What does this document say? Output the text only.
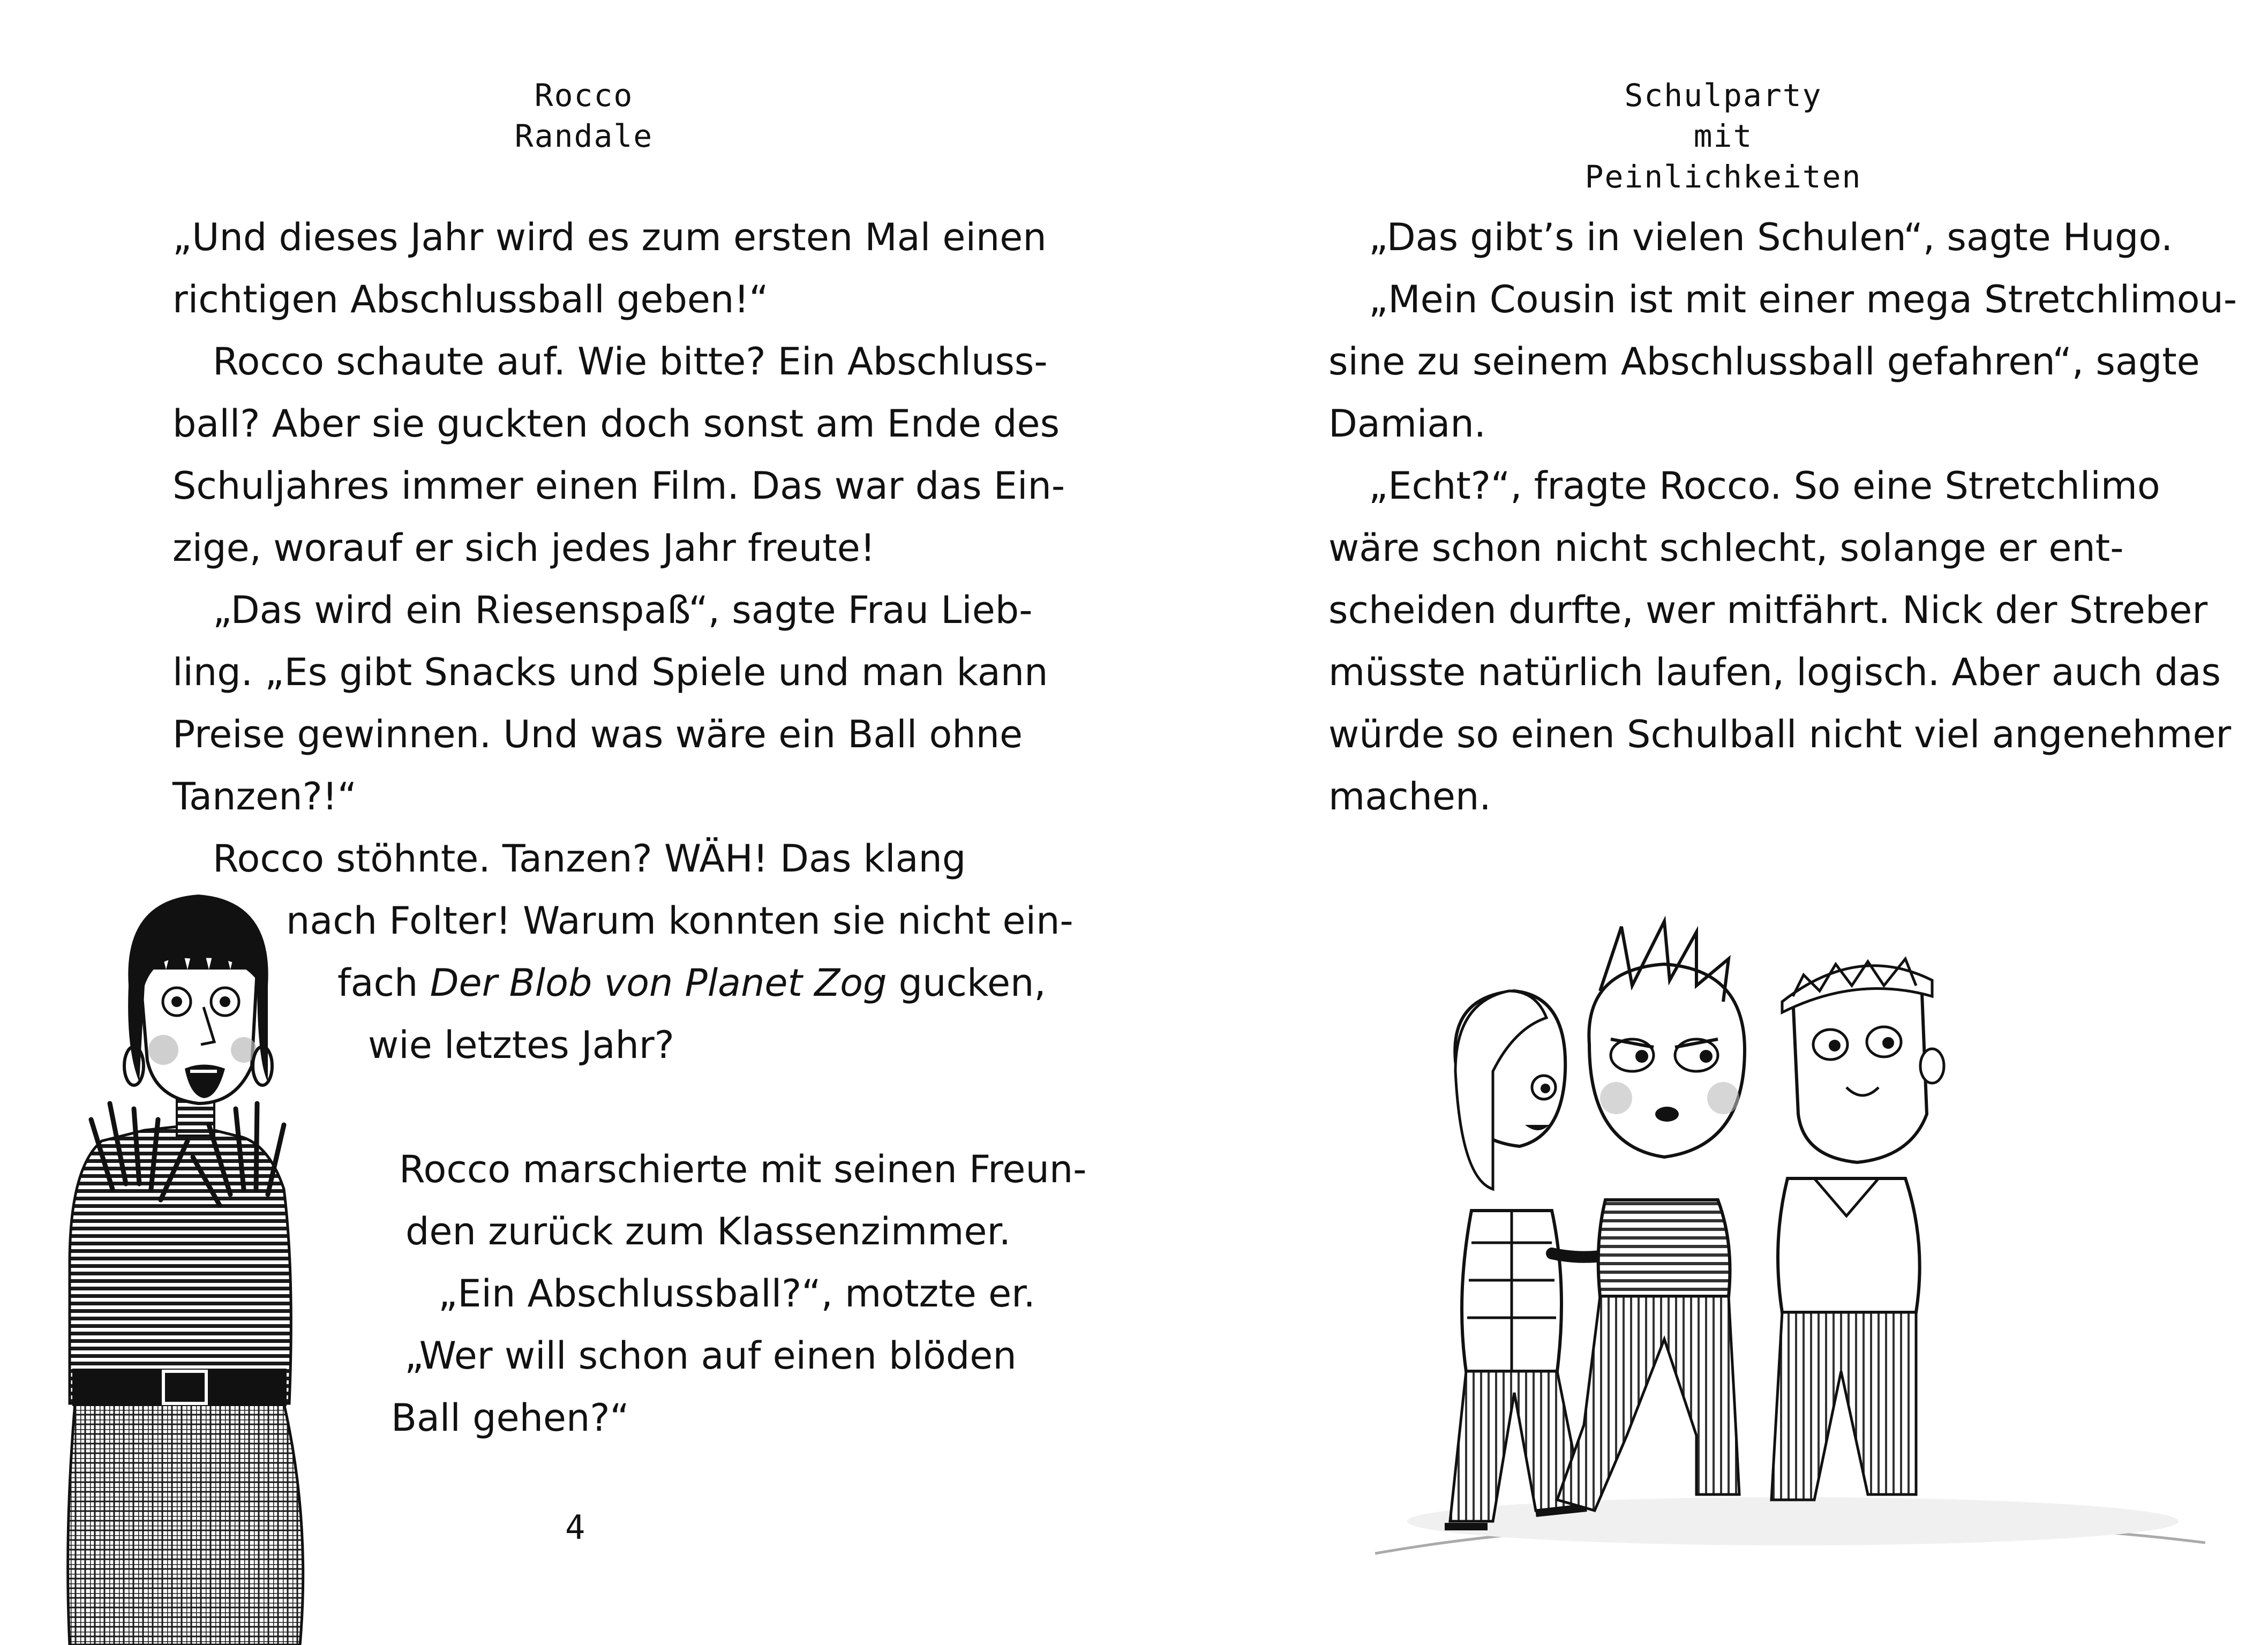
Rocco
Randale
„Und dieses Jahr wird es zum ersten Mal einen
richtigen Abschlussball geben!“
Rocco schaute auf. Wie bitte? Ein Abschluss-
ball? Aber sie guckten doch sonst am Ende des
Schuljahres immer einen Film. Das war das Ein-
zige, worauf er sich jedes Jahr freute!
„Das wird ein Riesenspaß“, sagte Frau Lieb-
ling. „Es gibt Snacks und Spiele und man kann
Preise gewinnen. Und was wäre ein Ball ohne
Tanzen?!“
Rocco stöhnte. Tanzen? WÄH! Das klang
nach Folter! Warum konnten sie nicht ein-
fach Der Blob von Planet Zog gucken,
wie letztes Jahr?
Rocco marschierte mit seinen Freun-
den zurück zum Klassenzimmer.
„Ein Abschlussball?“, motzte er.
„Wer will schon auf einen blöden
Ball gehen?“
4
Schulparty
mit Peinlichkeiten
„Das gibt’s in vielen Schulen“, sagte Hugo.
„Mein Cousin ist mit einer mega Stretchlimou-
sine zu seinem Abschlussball gefahren“, sagte
Damian.
„Echt?“, fragte Rocco. So eine Stretchlimo
wäre schon nicht schlecht, solange er ent-
scheiden durfte, wer mitfährt. Nick der Streber
müsste natürlich laufen, logisch. Aber auch das
würde so einen Schulball nicht viel angenehmer
machen.
